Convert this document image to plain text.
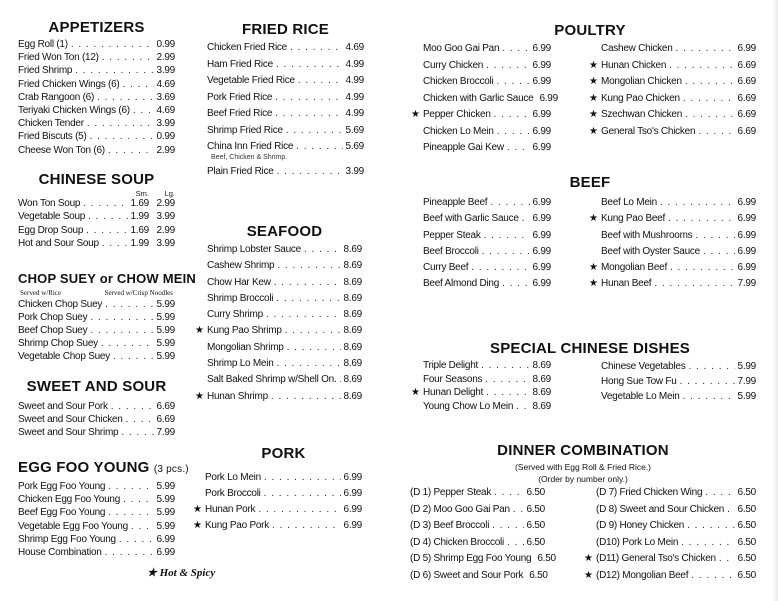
APPETIZERS
Egg Roll (1) . . .	0.99
Fried Won Ton (12) . . .	2.99
Fried Shrimp . . .	3.99
Fried Chicken Wings (6) . . .	4.69
Crab Rangoon (6) . . .	3.69
Teriyaki Chicken Wings (6) . . .	4.69
Chicken Tender . . .	3.99
Fried Biscuts (5) . . .	0.99
Cheese Won Ton (6) . . .	2.99
CHINESE SOUP
Sm.	Lg.
Won Ton Soup . . .	1.69 2.99
Vegetable Soup . . .	1.99 3.99
Egg Drop Soup . . .	1.69 2.99
Hot and Sour Soup . . .	1.99 3.99
CHOP SUEY or CHOW MEIN
Served w/Rice	Served w/Crisp Noodles
Chicken Chop Suey . . .	5.99
Pork Chop Suey . . .	5.99
Beef Chop Suey . . .	5.99
Shrimp Chop Suey . . .	5.99
Vegetable Chop Suey . . .	5.99
SWEET AND SOUR
Sweet and Sour Pork . . .	6.69
Sweet and Sour Chicken . . .	6.69
Sweet and Sour Shrimp . . .	7.99
EGG FOO YOUNG (3 pcs.)
Pork Egg Foo Young . . .	5.99
Chicken Egg Foo Young . . .	5.99
Beef Egg Foo Young . . .	5.99
Vegetable Egg Foo Young . . .	5.99
Shrimp Egg Foo Young . . .	6.99
House Combination . . .	6.99
FRIED RICE
Chicken Fried Rice . . .	4.69
Ham Fried Rice . . .	4.99
Vegetable Fried Rice . . .	4.99
Pork Fried Rice . . .	4.99
Beef Fried Rice . . .	4.99
Shrimp Fried Rice . . .	5.69
China Inn Fried Rice . . .	5.69
Beef, Chicken & Shrimp.
Plain Fried Rice . . .	3.99
SEAFOOD
Shrimp Lobster Sauce . . .	8.69
Cashew Shrimp . . .	8.69
Chow Har Kew . . .	8.69
Shrimp Broccoli . . .	8.69
Curry Shrimp . . .	8.69
★ Kung Pao Shrimp . . .	8.69
Mongolian Shrimp . . .	8.69
Shrimp Lo Mein . . .	8.69
Salt Baked Shrimp w/Shell On. . . . 8.69
★ Hunan Shrimp . . .	8.69
PORK
Pork Lo Mein . . .	6.99
Pork Broccoli . . .	6.99
★ Hunan Pork . . .	6.99
★ Kung Pao Pork . . .	6.99
POULTRY
Moo Goo Gai Pan . . .	6.99
Curry Chicken . . .	6.99
Chicken Broccoli . . .	6.99
Chicken with Garlic Sauce 6.99
★ Pepper Chicken . . .	6.99
Chicken Lo Mein . . .	6.99
Pineapple Gai Kew . . .	6.99
Cashew Chicken . . .	6.99
★ Hunan Chicken . . .	6.69
★ Mongolian Chicken . . .	6.69
★ Kung Pao Chicken . . .	6.69
★ Szechwan Chicken . . .	6.69
★ General Tso's Chicken . . .	6.69
BEEF
Pineapple Beef . . .	6.99
Beef with Garlic Sauce . . . 6.99
Pepper Steak . . .	6.99
Beef Broccoli . . .	6.99
Curry Beef . . .	6.99
Beef Almond Ding . . .	6.99
Beef Lo Mein . . .	6.99
★ Kung Pao Beef . . .	6.99
Beef with Mushrooms . . .	6.99
Beef with Oyster Sauce . . .	6.99
★ Mongolian Beef . . .	6.99
★ Hunan Beef . . .	7.99
SPECIAL CHINESE DISHES
Triple Delight . . .	8.69
Four Seasons . . .	8.69
★ Hunan Delight . . .	8.69
Young Chow Lo Mein . . . 8.69
Chinese Vegetables . . .	5.99
Hong Sue Tow Fu . . .	7.99
Vegetable Lo Mein . . .	5.99
DINNER COMBINATION
(Served with Egg Roll & Fried Rice.)
(Order by number only.)
(D 1) Pepper Steak . . .	6.50
(D 2) Moo Goo Gai Pan . . . 6.50
(D 3) Beef Broccoli . . .	6.50
(D 4) Chicken Broccoli . . . 6.50
(D 5) Shrimp Egg Foo Young 6.50
(D 6) Sweet and Sour Pork 6.50
(D 7) Fried Chicken Wing . . .	6.50
(D 8) Sweet and Sour Chicken . . . 6.50
(D 9) Honey Chicken . . .	6.50
(D10) Pork Lo Mein . . .	6.50
★ (D11) General Tso's Chicken . . . 6.50
★ (D12) Mongolian Beef . . .	6.50
★ Hot & Spicy
